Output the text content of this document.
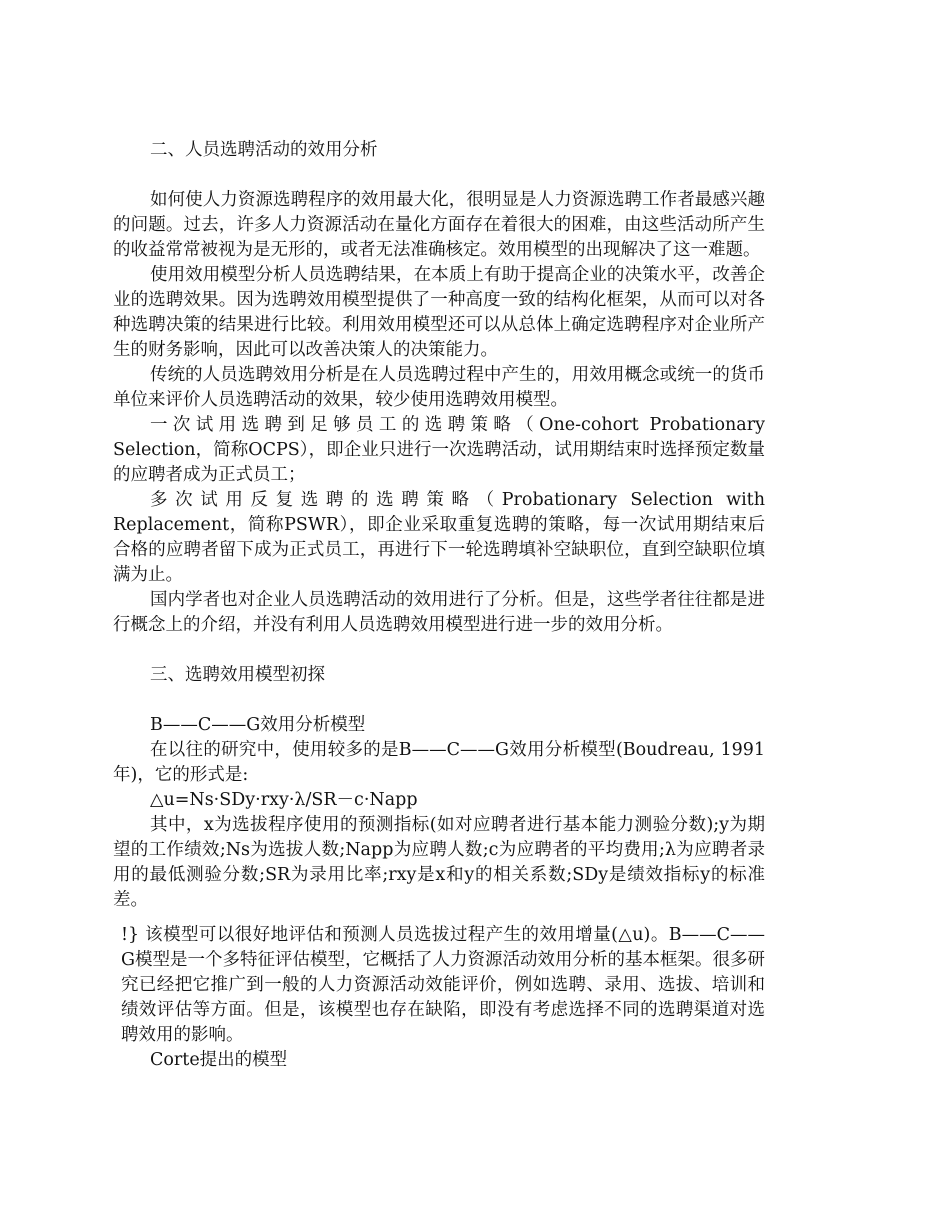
二、人员选聘活动的效用分析

如何使人力资源选聘程序的效用最大化，很明显是人力资源选聘工作者最感兴趣的问题。过去，许多人力资源活动在量化方面存在着很大的困难，由这些活动所产生的收益常常被视为是无形的，或者无法准确核定。效用模型的出现解决了这一难题。

使用效用模型分析人员选聘结果，在本质上有助于提高企业的决策水平，改善企业的选聘效果。因为选聘效用模型提供了一种高度一致的结构化框架，从而可以对各种选聘决策的结果进行比较。利用效用模型还可以从总体上确定选聘程序对企业所产生的财务影响，因此可以改善决策人的决策能力。

传统的人员选聘效用分析是在人员选聘过程中产生的，用效用概念或统一的货币单位来评价人员选聘活动的效果，较少使用选聘效用模型。

一次试用选聘到足够员工的选聘策略（One-cohort Probationary Selection，简称OCPS），即企业只进行一次选聘活动，试用期结束时选择预定数量的应聘者成为正式员工；

多次试用反复选聘的选聘策略（Probationary Selection with Replacement，简称PSWR），即企业采取重复选聘的策略，每一次试用期结束后合格的应聘者留下成为正式员工，再进行下一轮选聘填补空缺职位，直到空缺职位填满为止。

国内学者也对企业人员选聘活动的效用进行了分析。但是，这些学者往往都是进行概念上的介绍，并没有利用人员选聘效用模型进行进一步的效用分析。

三、选聘效用模型初探

B——C——G效用分析模型

在以往的研究中，使用较多的是B——C——G效用分析模型(Boudreau, 1991年)，它的形式是:

△u=Ns·SDy·rxy·λ/SR－c·Napp

其中，x为选拔程序使用的预测指标(如对应聘者进行基本能力测验分数);y为期望的工作绩效;Ns为选拔人数;Napp为应聘人数;c为应聘者的平均费用;λ为应聘者录用的最低测验分数;SR为录用比率;rxy是x和y的相关系数;SDy是绩效指标y的标准差。

!} 该模型可以很好地评估和预测人员选拔过程产生的效用增量(△u)。B——C——G模型是一个多特征评估模型，它概括了人力资源活动效用分析的基本框架。很多研究已经把它推广到一般的人力资源活动效能评价，例如选聘、录用、选拔、培训和绩效评估等方面。但是，该模型也存在缺陷，即没有考虑选择不同的选聘渠道对选聘效用的影响。

Corte提出的模型
